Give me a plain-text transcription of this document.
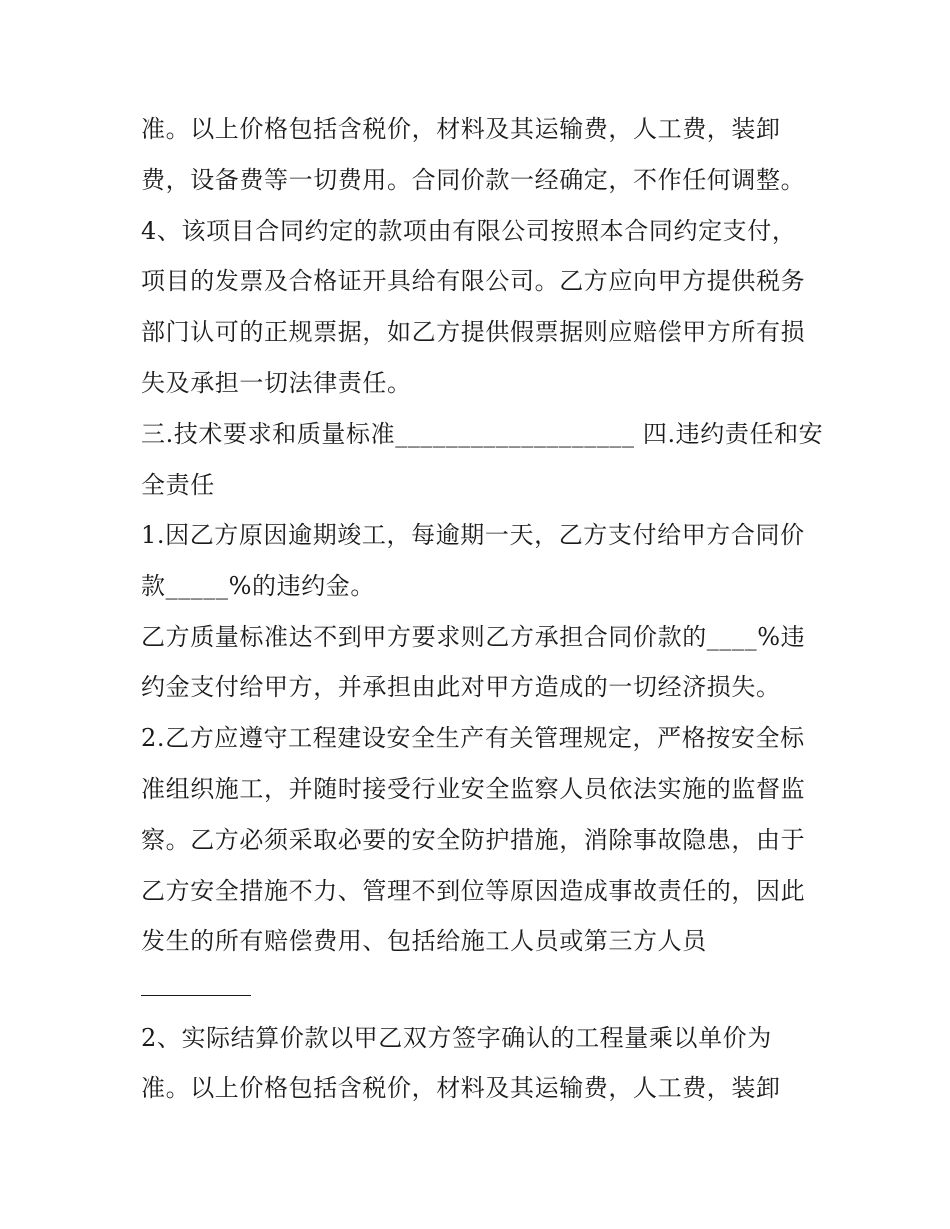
准。以上价格包括含税价，材料及其运输费，人工费，装卸
费，设备费等一切费用。合同价款一经确定，不作任何调整。
4、该项目合同约定的款项由有限公司按照本合同约定支付，
项目的发票及合格证开具给有限公司。乙方应向甲方提供税务
部门认可的正规票据，如乙方提供假票据则应赔偿甲方所有损
失及承担一切法律责任。
三.技术要求和质量标准___________________ 四.违约责任和安
全责任
1.因乙方原因逾期竣工，每逾期一天，乙方支付给甲方合同价
款_____%的违约金。
乙方质量标准达不到甲方要求则乙方承担合同价款的____%违
约金支付给甲方，并承担由此对甲方造成的一切经济损失。
2.乙方应遵守工程建设安全生产有关管理规定，严格按安全标
准组织施工，并随时接受行业安全监察人员依法实施的监督监
察。乙方必须采取必要的安全防护措施，消除事故隐患，由于
乙方安全措施不力、管理不到位等原因造成事故责任的，因此
发生的所有赔偿费用、包括给施工人员或第三方人员
2、实际结算价款以甲乙双方签字确认的工程量乘以单价为
准。以上价格包括含税价，材料及其运输费，人工费，装卸
